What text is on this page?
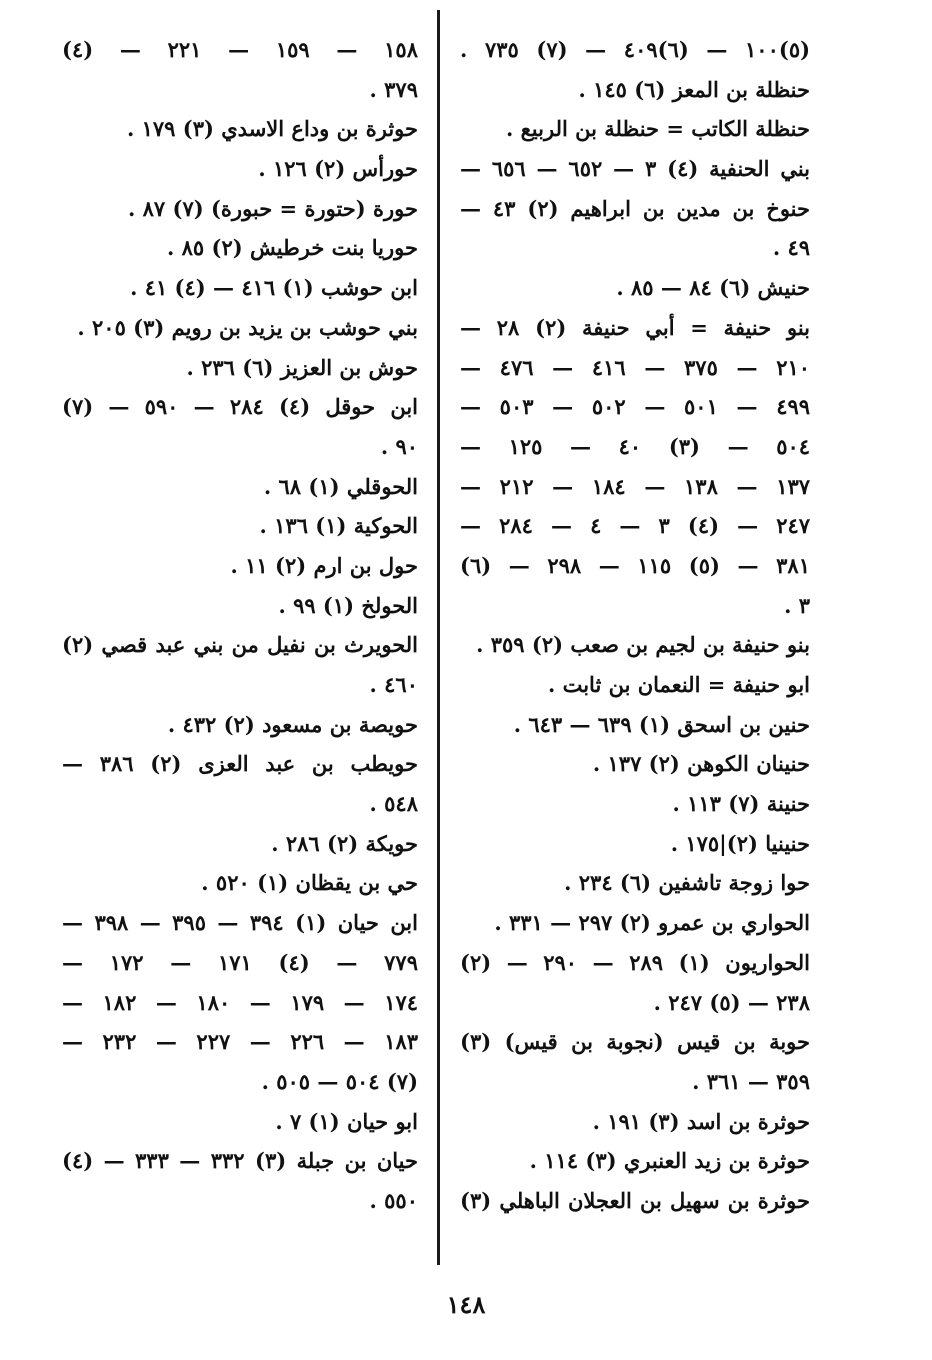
(٥)١٠٠ — (٦)٤٠٩ — (٧) ٧٣٥ .
حنظلة بن المعز (٦) ١٤٥ .
حنظلة الكاتب = حنظلة بن الربيع .
بني الحنفية (٤) ٣ — ٦٥٢ — ٦٥٦ —
حنوخ بن مدين بن ابراهيم (٢) ٤٣ —
٤٩ .
حنيش (٦) ٨٤ — ٨٥ .
بنو حنيفة = أبي حنيفة (٢) ٢٨ —
٢١٠ — ٣٧٥ — ٤١٦ — ٤٧٦ —
٤٩٩ — ٥٠١ — ٥٠٢ — ٥٠٣ —
٥٠٤ — (٣) ٤٠ — ١٢٥ —
١٣٧ — ١٣٨ — ١٨٤ — ٢١٢ —
٢٤٧ — (٤) ٣ — ٤ — ٢٨٤ —
٣٨١ — (٥) ١١٥ — ٢٩٨ — (٦)
٣ .
بنو حنيفة بن لجيم بن صعب (٢) ٣٥٩ .
ابو حنيفة = النعمان بن ثابت .
حنين بن اسحق (١) ٦٣٩ — ٦٤٣ .
حنينان الكوهن (٢) ١٣٧ .
حنينة (٧) ١١٣ .
حنينيا (٢)|١٧٥ .
حوا زوجة تاشفين (٦) ٢٣٤ .
الحواري بن عمرو (٢) ٢٩٧ — ٣٣١ .
الحواريون (١) ٢٨٩ — ٢٩٠ — (٢)
٢٣٨ — (٥) ٢٤٧ .
حوبة بن قيس (نجوبة بن قيس) (٣)
٣٥٩ — ٣٦١ .
حوثرة بن اسد (٣) ١٩١ .
حوثرة بن زيد العنبري (٣) ١١٤ .
حوثرة بن سهيل بن العجلان الباهلي (٣)
١٥٨ — ١٥٩ — ٢٢١ — (٤)
٣٧٩ .
حوثرة بن وداع الاسدي (٣) ١٧٩ .
حورأس (٢) ١٢٦ .
حورة (حتورة = حبورة) (٧) ٨٧ .
حوريا بنت خرطيش (٢) ٨٥ .
ابن حوشب (١) ٤١٦ — (٤) ٤١ .
بني حوشب بن يزيد بن رويم (٣) ٢٠٥ .
حوش بن العزيز (٦) ٢٣٦ .
ابن حوقل (٤) ٢٨٤ — ٥٩٠ — (٧)
٩٠ .
الحوقلي (١) ٦٨ .
الحوكية (١) ١٣٦ .
حول بن ارم (٢) ١١ .
الحولخ (١) ٩٩ .
الحويرث بن نفيل من بني عبد قصي (٢)
٤٦٠ .
حويصة بن مسعود (٢) ٤٣٢ .
حويطب بن عبد العزى (٢) ٣٨٦ —
٥٤٨ .
حويكة (٢) ٢٨٦ .
حي بن يقظان (١) ٥٢٠ .
ابن حيان (١) ٣٩٤ — ٣٩٥ — ٣٩٨ —
٧٧٩ — (٤) ١٧١ — ١٧٢ —
١٧٤ — ١٧٩ — ١٨٠ — ١٨٢ —
١٨٣ — ٢٢٦ — ٢٢٧ — ٢٣٢ —
(٧) ٥٠٤ — ٥٠٥ .
ابو حيان (١) ٧ .
حيان بن جبلة (٣) ٣٣٢ — ٣٣٣ — (٤)
٥٥٠ .
١٤٨
